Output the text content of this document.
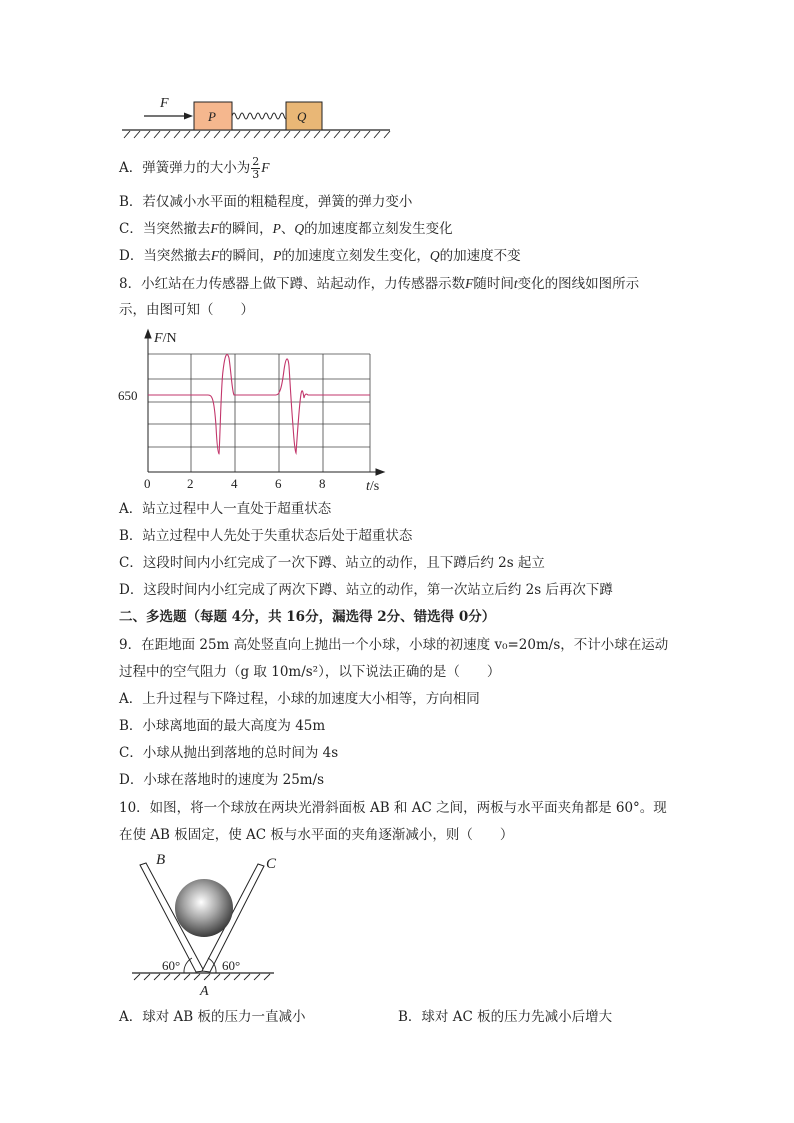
F
P	Q
A．弹簧弹力的大小为 $\frac{2}{3}$ F
B．若仅减小水平面的粗糙程度，弹簧的弹力变小
C．当突然撤去F的瞬间，P、Q的加速度都立刻发生变化
D．当突然撤去F的瞬间，P的加速度立刻发生变化，Q的加速度不变
8．小红站在力传感器上做下蹲、站起动作，力传感器示数F随时间t变化的图线如图所示
示，由图可知（　　）
F/N
650
0	2	4	6	8	t/s
A．站立过程中人一直处于超重状态
B．站立过程中人先处于失重状态后处于超重状态
C．这段时间内小红完成了一次下蹲、站立的动作，且下蹲后约 2s 起立
D．这段时间内小红完成了两次下蹲、站立的动作，第一次站立后约 2s 后再次下蹲
二、多选题（每题 4分，共 16分，漏选得 2分、错选得 0分）
9．在距地面 25m 高处竖直向上抛出一个小球，小球的初速度 v₀=20m/s，不计小球在运动
过程中的空气阻力（g 取 10m/s²），以下说法正确的是（　　）
A．上升过程与下降过程，小球的加速度大小相等，方向相同
B．小球离地面的最大高度为 45m
C．小球从抛出到落地的总时间为 4s
D．小球在落地时的速度为 25m/s
10．如图，将一个球放在两块光滑斜面板 AB 和 AC 之间，两板与水平面夹角都是 60°。现
在使 AB 板固定，使 AC 板与水平面的夹角逐渐减小，则（　　）
B	C
A
60°	60°
A．球对 AB 板的压力一直减小	B．球对 AC 板的压力先减小后增大
